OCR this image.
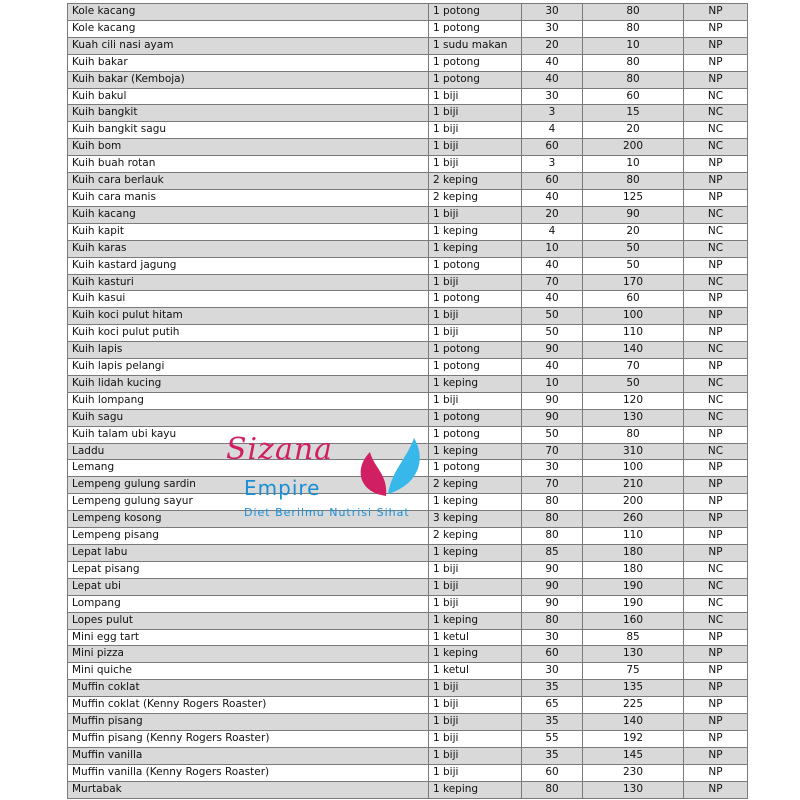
Kole kacang	1 potong	30	80	NP
Kole kacang	1 potong	30	80	NP
Kuah cili nasi ayam	1 sudu makan	20	10	NP
Kuih bakar	1 potong	40	80	NP
Kuih bakar (Kemboja)	1 potong	40	80	NP
Kuih bakul	1 biji	30	60	NC
Kuih bangkit	1 biji	3	15	NC
Kuih bangkit sagu	1 biji	4	20	NC
Kuih bom	1 biji	60	200	NC
Kuih buah rotan	1 biji	3	10	NP
Kuih cara berlauk	2 keping	60	80	NP
Kuih cara manis	2 keping	40	125	NP
Kuih kacang	1 biji	20	90	NC
Kuih kapit	1 keping	4	20	NC
Kuih karas	1 keping	10	50	NC
Kuih kastard jagung	1 potong	40	50	NP
Kuih kasturi	1 biji	70	170	NC
Kuih kasui	1 potong	40	60	NP
Kuih koci pulut hitam	1 biji	50	100	NP
Kuih koci pulut putih	1 biji	50	110	NP
Kuih lapis	1 potong	90	140	NC
Kuih lapis pelangi	1 potong	40	70	NP
Kuih lidah kucing	1 keping	10	50	NC
Kuih lompang	1 biji	90	120	NC
Kuih sagu	1 potong	90	130	NC
Kuih talam ubi kayu	1 potong	50	80	NP
Laddu	1 keping	70	310	NC
Lemang	1 potong	30	100	NP
Lempeng gulung sardin	2 keping	70	210	NP
Lempeng gulung sayur	1 keping	80	200	NP
Lempeng kosong	3 keping	80	260	NP
Lempeng pisang	2 keping	80	110	NP
Lepat labu	1 keping	85	180	NP
Lepat pisang	1 biji	90	180	NC
Lepat ubi	1 biji	90	190	NC
Lompang	1 biji	90	190	NC
Lopes pulut	1 keping	80	160	NC
Mini egg tart	1 ketul	30	85	NP
Mini pizza	1 keping	60	130	NP
Mini quiche	1 ketul	30	75	NP
Muffin coklat	1 biji	35	135	NP
Muffin coklat (Kenny Rogers Roaster)	1 biji	65	225	NP
Muffin pisang	1 biji	35	140	NP
Muffin pisang (Kenny Rogers Roaster)	1 biji	55	192	NP
Muffin vanilla	1 biji	35	145	NP
Muffin vanilla (Kenny Rogers Roaster)	1 biji	60	230	NP
Murtabak	1 keping	80	130	NP
Sizana
Empire
Diet Berilmu Nutrisi Sihat
